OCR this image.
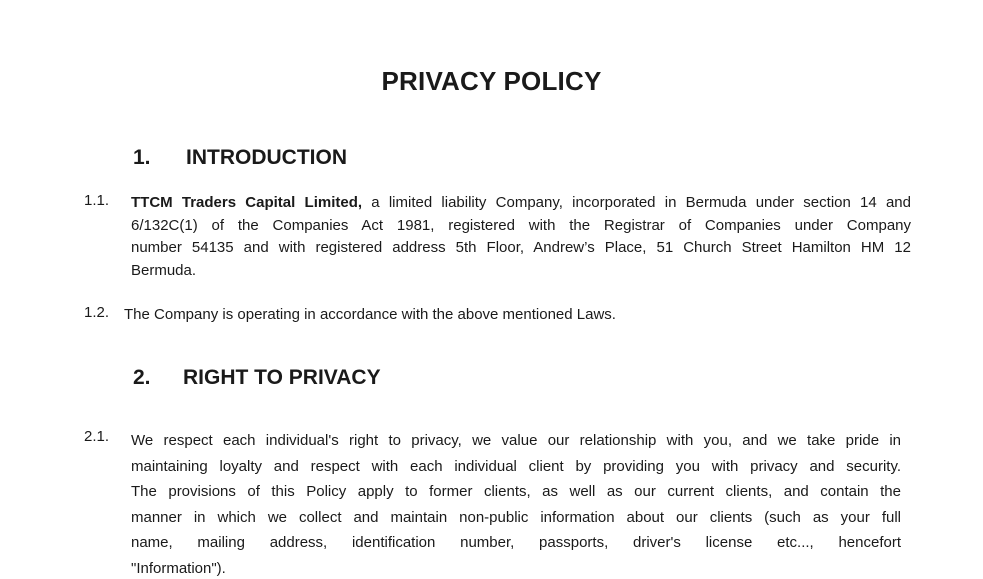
PRIVACY POLICY
1. INTRODUCTION
1.1. TTCM Traders Capital Limited, a limited liability Company, incorporated in Bermuda under section 14 and
6/132C(1) of the Companies Act 1981, registered with the Registrar of Companies under Company
number 54135 and with registered address 5th Floor, Andrew’s Place, 51 Church Street Hamilton HM 12
Bermuda.
1.2. The Company is operating in accordance with the above mentioned Laws.
2. RIGHT TO PRIVACY
2.1. We respect each individual's right to privacy, we value our relationship with you, and we take pride in
maintaining loyalty and respect with each individual client by providing you with privacy and security.
The provisions of this Policy apply to former clients, as well as our current clients, and contain the
manner in which we collect and maintain non-public information about our clients (such as your full
name, mailing address, identification number, passports, driver's license etc..., hencefort
"Information").
